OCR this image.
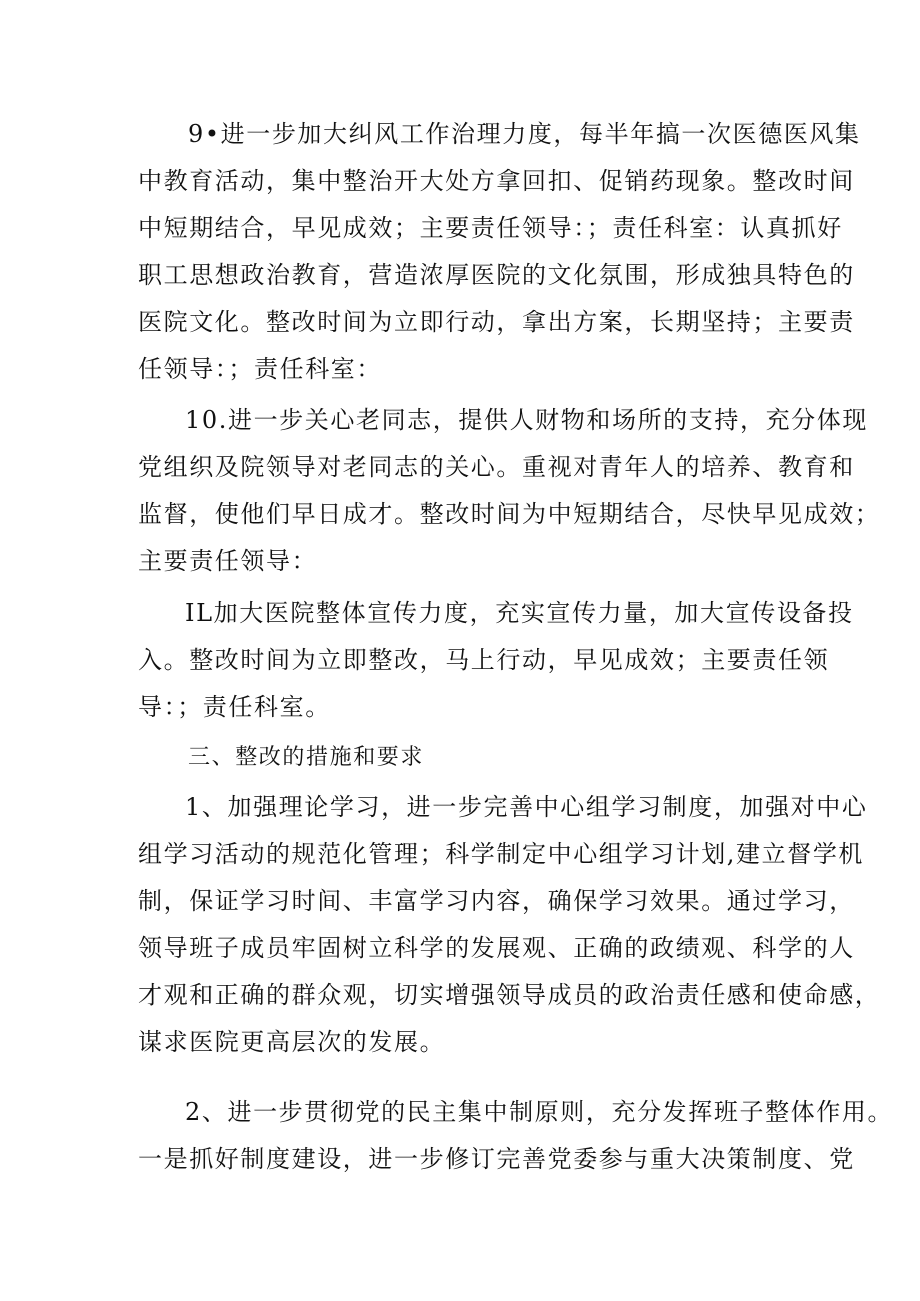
9•进一步加大纠风工作治理力度，每半年搞一次医德医风集
中教育活动，集中整治开大处方拿回扣、促销药现象。整改时间
中短期结合，早见成效；主要责任领导：；责任科室：认真抓好
职工思想政治教育，营造浓厚医院的文化氛围，形成独具特色的
医院文化。整改时间为立即行动，拿出方案，长期坚持；主要责
任领导：；责任科室：
10.进一步关心老同志，提供人财物和场所的支持，充分体现
党组织及院领导对老同志的关心。重视对青年人的培养、教育和
监督，使他们早日成才。整改时间为中短期结合，尽快早见成效；
主要责任领导：
IL加大医院整体宣传力度，充实宣传力量，加大宣传设备投
入。整改时间为立即整改，马上行动，早见成效；主要责任领
导：；责任科室。
三、整改的措施和要求
1、加强理论学习，进一步完善中心组学习制度，加强对中心
组学习活动的规范化管理；科学制定中心组学习计划,建立督学机
制，保证学习时间、丰富学习内容，确保学习效果。通过学习，
领导班子成员牢固树立科学的发展观、正确的政绩观、科学的人
才观和正确的群众观，切实增强领导成员的政治责任感和使命感，
谋求医院更高层次的发展。
2、进一步贯彻党的民主集中制原则，充分发挥班子整体作用。
一是抓好制度建设，进一步修订完善党委参与重大决策制度、党
